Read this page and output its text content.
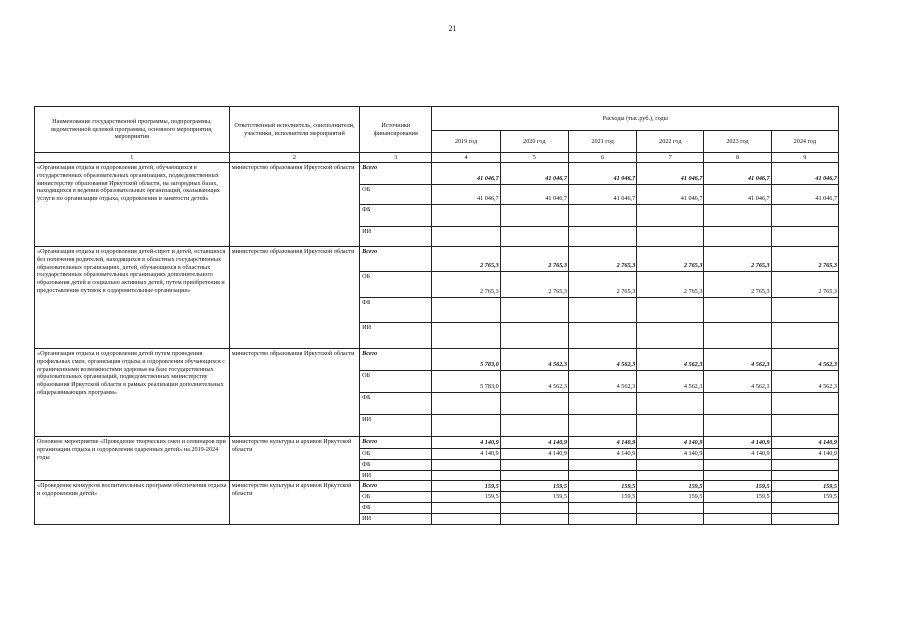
21
Наименование государственной программы, подпрограммы, ведомственной целевой программы, основного мероприятия, мероприятия	Ответственный исполнитель, соисполнители, участники, исполнители мероприятий	Источники финансирования	Расходы (тыс.руб.), годы					
			2019 год	2020 год	2021 год	2022 год	2023 год	2024 год
1	2	3	4	5	6	7	8	9
«Организация отдыха и оздоровления детей, обучающихся в государственных образовательных организациях, подведомственных министерству образования Иркутской области, на загородных базах, находящихся в ведении образовательных организаций, оказывающих услуги по организации отдыха, оздоровления и занятости детей»	министерство образования Иркутской области	Всего	41 046,7	41 046,7	41 046,7	41 046,7	41 046,7	41 046,7
		ОБ	41 046,7	41 046,7	41 046,7	41 046,7	41 046,7	41 046,7
		ФБ						
		ИИ						
«Организация отдыха и оздоровления детей-сирот и детей, оставшихся без попечения родителей, находящихся в областных государственных образовательных организациях, детей, обучающихся в областных государственных образовательных организациях дополнительного образования детей и социально активных детей, путем приобретения и предоставления путевок в оздоровительные организации»	министерство образования Иркутской области	Всего	2 765,3	2 765,3	2 765,3	2 765,3	2 765,3	2 765,3
		ОБ	2 765,3	2 765,3	2 765,3	2 765,3	2 765,3	2 765,3
		ФБ						
		ИИ						
«Организация отдыха и оздоровления детей путем проведения профильных смен, организация отдыха и оздоровления обучающихся с ограниченными возможностями здоровья на базе государственных образовательных организаций, подведомственных министерству образования Иркутской области в рамках реализации дополнительных общеразвивающих программ»	министерство образования Иркутской области	Всего	5 783,0	4 562,3	4 562,3	4 562,3	4 562,3	4 562,3
		ОБ	5 783,0	4 562,3	4 562,3	4 562,3	4 562,3	4 562,3
		ФБ						
		ИИ						
Основное мероприятие «Проведение творческих смен и семинаров при организации отдыха и оздоровления одаренных детей» на 2019-2024 годы	министерство культуры и архивов Иркутской области	Всего	4 140,9	4 140,9	4 140,9	4 140,9	4 140,9	4 140,9
		ОБ	4 140,9	4 140,9	4 140,9	4 140,9	4 140,9	4 140,9
		ФБ						
		ИИ						
«Проведение конкурсов воспитательных программ обеспечения отдыха и оздоровления детей»	министерство культуры и архивов Иркутской области	Всего	159,5	159,5	159,5	159,5	159,5	159,5
		ОБ	159,5	159,5	159,5	159,5	159,5	159,5
		ФБ						
		ИИ						
